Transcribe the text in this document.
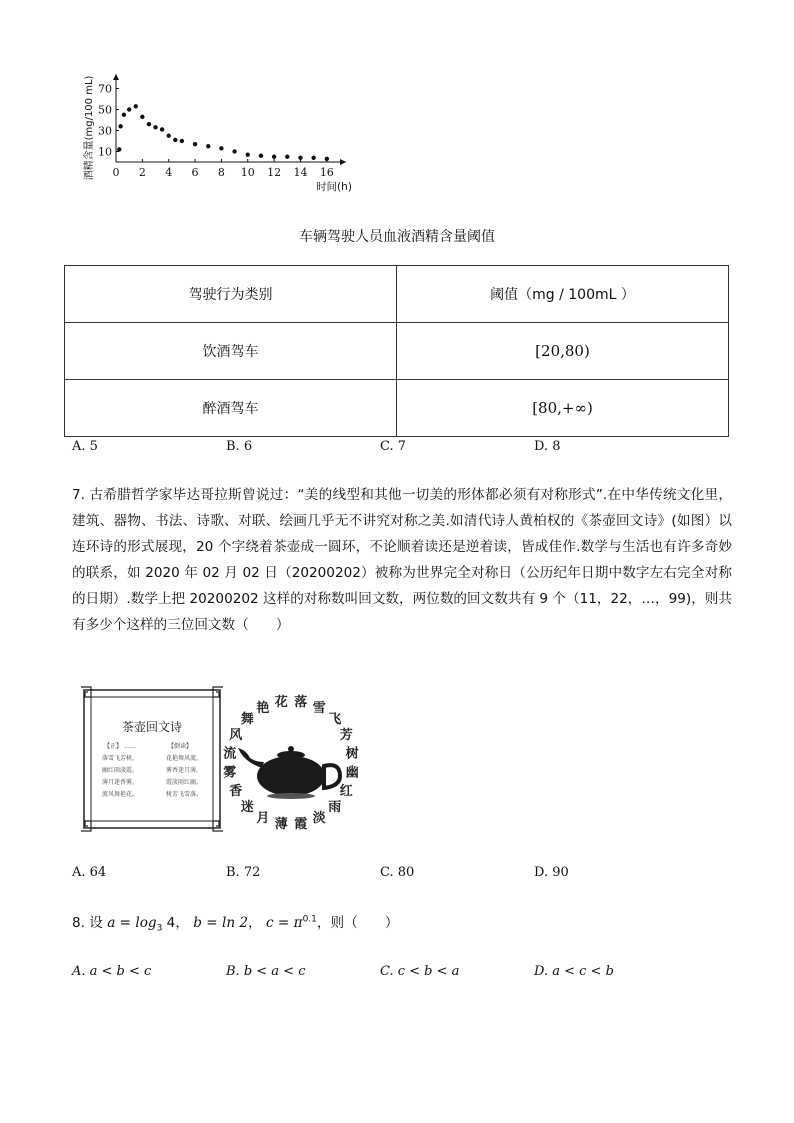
0 2 4 6 8 10 12 14 16
10
30
50
70
时间(h)
酒精含量(mg/100 mL)
车辆驾驶人员血液酒精含量阈值
驾驶行为类别	阈值（mg / 100mL ）
饮酒驾车	[20,80)
醉酒驾车	[80,+∞)
A. 5	B. 6	C. 7	D. 8
7. 古希腊哲学家毕达哥拉斯曾说过：“美的线型和其他一切美的形体都必须有对称形式”.在中华传统文化里，建筑、器物、书法、诗歌、对联、绘画几乎无不讲究对称之美.如清代诗人黄柏权的《茶壶回文诗》(如图）以连环诗的形式展现，20 个字绕着茶壶成一圆环，不论顺着读还是逆着读，皆成佳作.数学与生活也有许多奇妙的联系，如 2020 年 02 月 02 日（20200202）被称为世界完全对称日（公历纪年日期中数字左右完全对称的日期）.数学上把 20200202 这样的对称数叫回文数，两位数的回文数共有 9 个（11，22，…，99)，则共有多少个这样的三位回文数（　　）
茶壶回文诗
【正】 ……	【倒读】
落雪飞芳树，
幽红雨淡霞。
薄月迷香雾，
流风舞艳花。
花艳舞风流，
雾香迷月薄，
霞淡雨红幽，
树芳飞雪落。
落 雪
飞
芳
树
幽
红
雨
淡
霞
薄
月
迷
香
雾
流
风
舞
艳 花
A. 64	B. 72	C. 80	D. 90
8. 设 $a = \log_3 4$， b = ln 2， $c = \pi^{0.1}$，则（　　）
A. a < b < c	B. b < a < c	C. c < b < a	D. a < c < b
